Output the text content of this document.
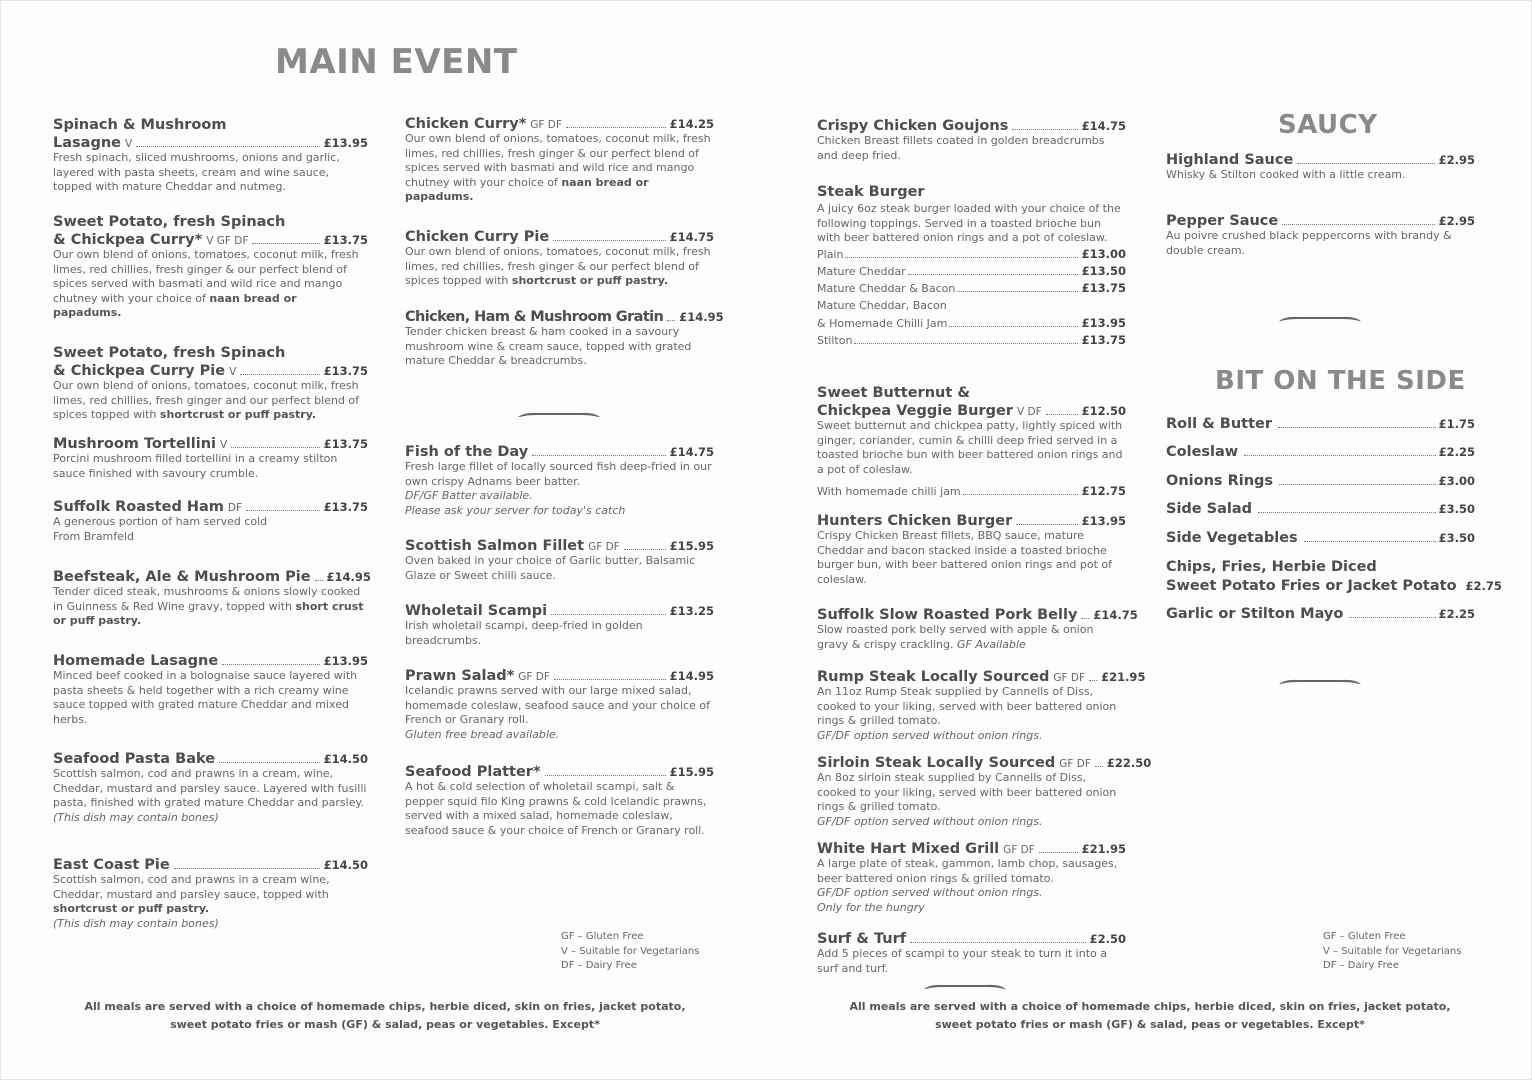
MAIN EVENT
Spinach & Mushroom
Lasagne V	£13.95
Fresh spinach, sliced mushrooms, onions and garlic, layered with pasta sheets, cream and wine sauce, topped with mature Cheddar and nutmeg.
Sweet Potato, fresh Spinach
& Chickpea Curry* V GF DF	£13.75
Our own blend of onions, tomatoes, coconut milk, fresh limes, red chillies, fresh ginger & our perfect blend of spices served with basmati and wild rice and mango chutney with your choice of naan bread or papadums.
Sweet Potato, fresh Spinach
& Chickpea Curry Pie V	£13.75
Our own blend of onions, tomatoes, coconut milk, fresh limes, red chillies, fresh ginger and our perfect blend of spices topped with shortcrust or puff pastry.
Mushroom Tortellini V	£13.75
Porcini mushroom filled tortellini in a creamy stilton sauce finished with savoury crumble.
Suffolk Roasted Ham DF	£13.75
A generous portion of ham served cold From Bramfeld
Beefsteak, Ale & Mushroom Pie £14.95
Tender diced steak, mushrooms & onions slowly cooked in Guinness & Red Wine gravy, topped with short crust or puff pastry.
Homemade Lasagne	£13.95
Minced beef cooked in a bolognaise sauce layered with pasta sheets & held together with a rich creamy wine sauce topped with grated mature Cheddar and mixed herbs.
Seafood Pasta Bake	£14.50
Scottish salmon, cod and prawns in a cream, wine, Cheddar, mustard and parsley sauce. Layered with fusilli pasta, finished with grated mature Cheddar and parsley.
(This dish may contain bones)
East Coast Pie	£14.50
Scottish salmon, cod and prawns in a cream wine, Cheddar, mustard and parsley sauce, topped with shortcrust or puff pastry.
(This dish may contain bones)
Chicken Curry* GF DF	£14.25
Our own blend of onions, tomatoes, coconut milk, fresh limes, red chillies, fresh ginger & our perfect blend of spices served with basmati and wild rice and mango chutney with your choice of naan bread or papadums.
Chicken Curry Pie	£14.75
Our own blend of onions, tomatoes, coconut milk, fresh limes, red chillies, fresh ginger & our perfect blend of spices topped with shortcrust or puff pastry.
Chicken, Ham & Mushroom Gratin £14.95
Tender chicken breast & ham cooked in a savoury mushroom wine & cream sauce, topped with grated mature Cheddar & breadcrumbs.
Fish of the Day	£14.75
Fresh large fillet of locally sourced fish deep-fried in our own crispy Adnams beer batter.
DF/GF Batter available.
Please ask your server for today's catch
Scottish Salmon Fillet GF DF	£15.95
Oven baked in your choice of Garlic butter, Balsamic Glaze or Sweet chilli sauce.
Wholetail Scampi	£13.25
Irish wholetail scampi, deep-fried in golden breadcrumbs.
Prawn Salad* GF DF	£14.95
Icelandic prawns served with our large mixed salad, homemade coleslaw, seafood sauce and your choice of French or Granary roll.
Gluten free bread available.
Seafood Platter*	£15.95
A hot & cold selection of wholetail scampi, salt & pepper squid filo King prawns & cold Icelandic prawns, served with a mixed salad, homemade coleslaw, seafood sauce & your choice of French or Granary roll.
GF – Gluten Free
V – Suitable for Vegetarians
DF – Dairy Free
All meals are served with a choice of homemade chips, herbie diced, skin on fries, jacket potato,
sweet potato fries or mash (GF) & salad, peas or vegetables. Except*
Crispy Chicken Goujons	£14.75
Chicken Breast fillets coated in golden breadcrumbs and deep fried.
Steak Burger
A juicy 6oz steak burger loaded with your choice of the following toppings. Served in a toasted brioche bun with beer battered onion rings and a pot of coleslaw.
Plain	£13.00
Mature Cheddar	£13.50
Mature Cheddar & Bacon	£13.75
Mature Cheddar, Bacon
& Homemade Chilli Jam	£13.95
Stilton	£13.75
Sweet Butternut &
Chickpea Veggie Burger V DF	£12.50
Sweet butternut and chickpea patty, lightly spiced with ginger, coriander, cumin & chilli deep fried served in a toasted brioche bun with beer battered onion rings and a pot of coleslaw.
With homemade chilli jam	£12.75
Hunters Chicken Burger	£13.95
Crispy Chicken Breast fillets, BBQ sauce, mature Cheddar and bacon stacked inside a toasted brioche burger bun, with beer battered onion rings and pot of coleslaw.
Suffolk Slow Roasted Pork Belly £14.75
Slow roasted pork belly served with apple & onion gravy & crispy crackling. GF Available
Rump Steak Locally Sourced GF DF £21.95
An 11oz Rump Steak supplied by Cannells of Diss, cooked to your liking, served with beer battered onion rings & grilled tomato.
GF/DF option served without onion rings.
Sirloin Steak Locally Sourced GF DF £22.50
An 8oz sirloin steak supplied by Cannells of Diss, cooked to your liking, served with beer battered onion rings & grilled tomato.
GF/DF option served without onion rings.
White Hart Mixed Grill GF DF	£21.95
A large plate of steak, gammon, lamb chop, sausages, beer battered onion rings & grilled tomato.
GF/DF option served without onion rings.
Only for the hungry
Surf & Turf	£2.50
Add 5 pieces of scampi to your steak to turn it into a surf and turf.
SAUCY
Highland Sauce	£2.95
Whisky & Stilton cooked with a little cream.
Pepper Sauce	£2.95
Au poivre crushed black peppercorns with brandy & double cream.
BIT ON THE SIDE
Roll & Butter	£1.75
Coleslaw	£2.25
Onions Rings	£3.00
Side Salad	£3.50
Side Vegetables	£3.50
Chips, Fries, Herbie Diced
Sweet Potato Fries or Jacket Potato £2.75
Garlic or Stilton Mayo	£2.25
GF – Gluten Free
V – Suitable for Vegetarians
DF – Dairy Free
All meals are served with a choice of homemade chips, herbie diced, skin on fries, jacket potato,
sweet potato fries or mash (GF) & salad, peas or vegetables. Except*
